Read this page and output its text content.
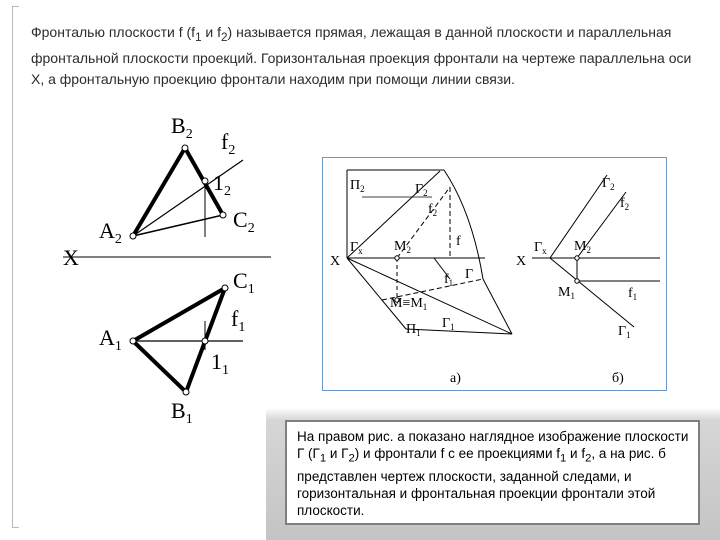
Фронталью плоскости f ($f_1$ и $f_2$) называется прямая, лежащая в данной плоскости и параллельная фронтальной плоскости проекций. Горизонтальная проекция фронтали на чертеже параллельна оси X, а фронтальную проекцию фронтали находим при помощи линии связи.

$B_2$ $f_2$
$1_2$
$C_2$
$A_2$
X
$C_1$
$f_1$
$A_1$
$1_1$
$B_1$
$П_2$	$Г_2$
$f_2$
$Г_x$ $M_2$
f
X
$f_1$
Г
$M\equiv M_1$
$П_1$
$Г_1$
а)
$Г_2$
$f_2$
X
$Г_x$ $M_2$
$M_1$	$f_1$
$Г_1$
б)

На правом рис. а показано наглядное изображение плоскости Г ($Г_1$ и $Г_2$) и фронтали f с ее проекциями $f_1$ и $f_2$, а на рис. б представлен чертеж плоскости, заданной следами, и горизонтальная и фронтальная проекции фронтали этой плоскости.
